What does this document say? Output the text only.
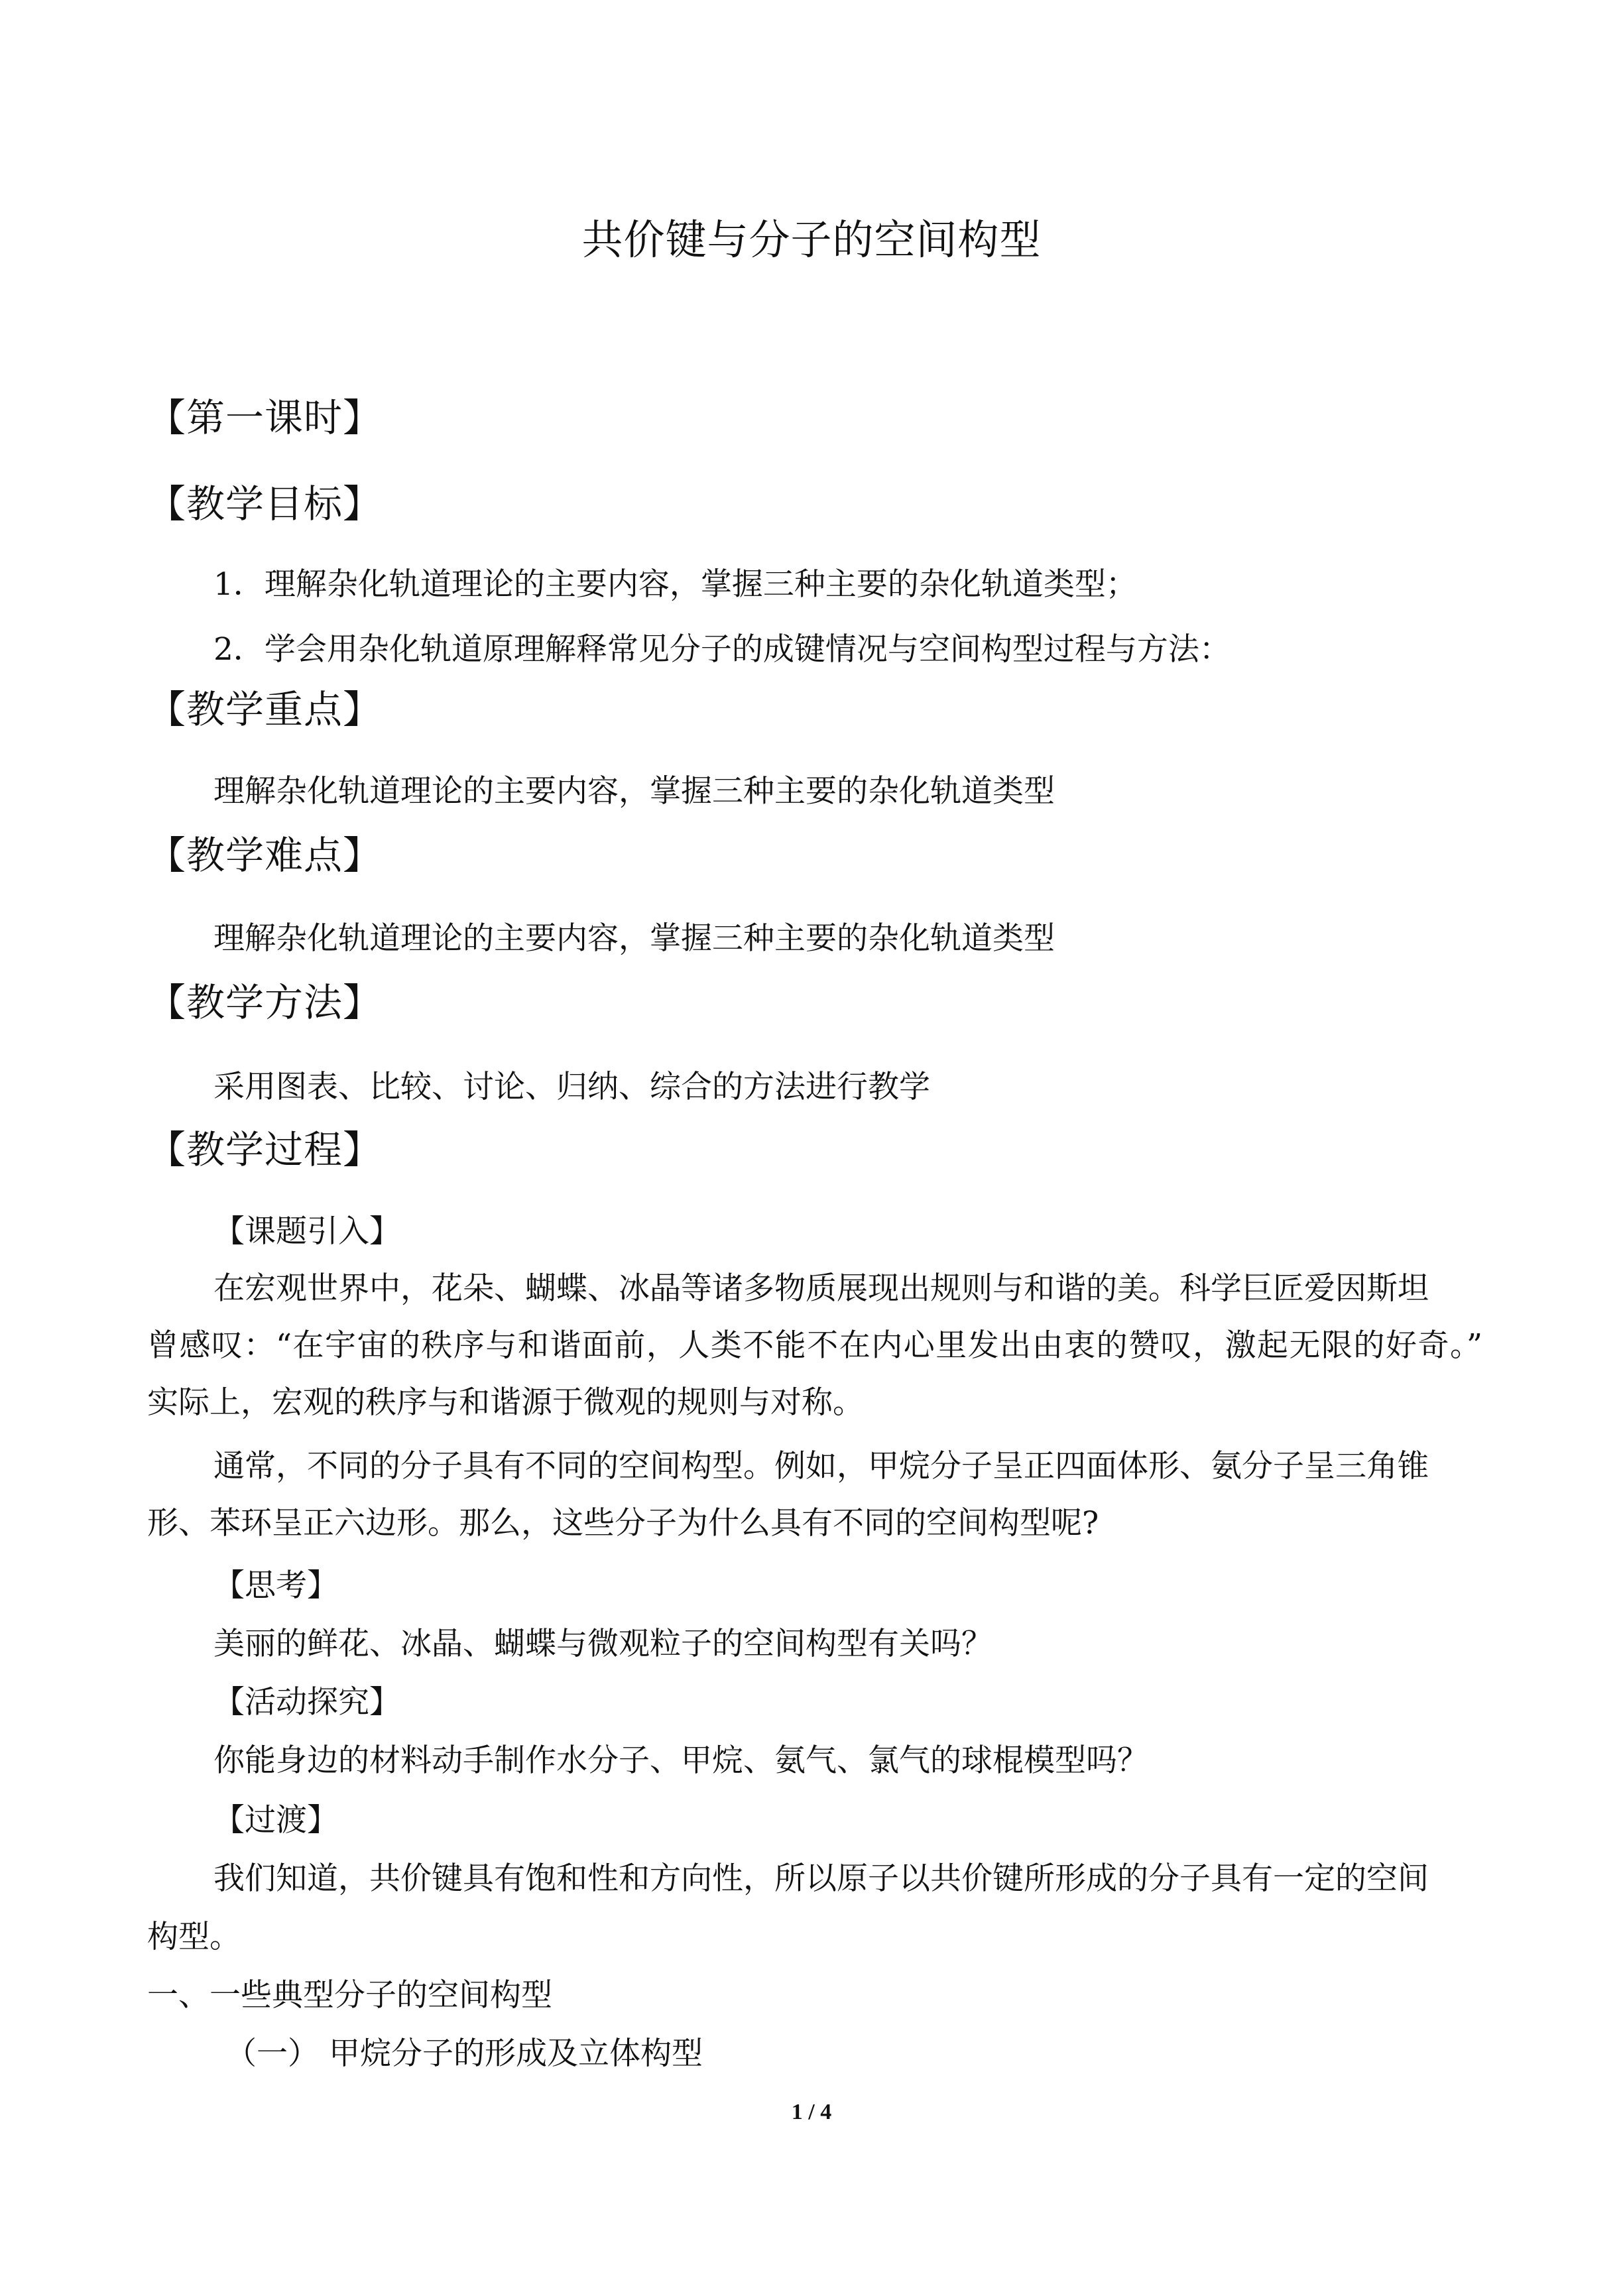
共价键与分子的空间构型
【第一课时】
【教学目标】
1．理解杂化轨道理论的主要内容，掌握三种主要的杂化轨道类型；
2．学会用杂化轨道原理解释常见分子的成键情况与空间构型过程与方法：
【教学重点】
理解杂化轨道理论的主要内容，掌握三种主要的杂化轨道类型
【教学难点】
理解杂化轨道理论的主要内容，掌握三种主要的杂化轨道类型
【教学方法】
采用图表、比较、讨论、归纳、综合的方法进行教学
【教学过程】
【课题引入】
在宏观世界中，花朵、蝴蝶、冰晶等诸多物质展现出规则与和谐的美。科学巨匠爱因斯坦
曾感叹：“在宇宙的秩序与和谐面前，人类不能不在内心里发出由衷的赞叹，激起无限的好奇。”
实际上，宏观的秩序与和谐源于微观的规则与对称。
通常，不同的分子具有不同的空间构型。例如，甲烷分子呈正四面体形、氨分子呈三角锥
形、苯环呈正六边形。那么，这些分子为什么具有不同的空间构型呢?
【思考】
美丽的鲜花、冰晶、蝴蝶与微观粒子的空间构型有关吗？
【活动探究】
你能身边的材料动手制作水分子、甲烷、氨气、氯气的球棍模型吗？
【过渡】
我们知道，共价键具有饱和性和方向性，所以原子以共价键所形成的分子具有一定的空间
构型。
一、一些典型分子的空间构型
（一） 甲烷分子的形成及立体构型
1 / 4
